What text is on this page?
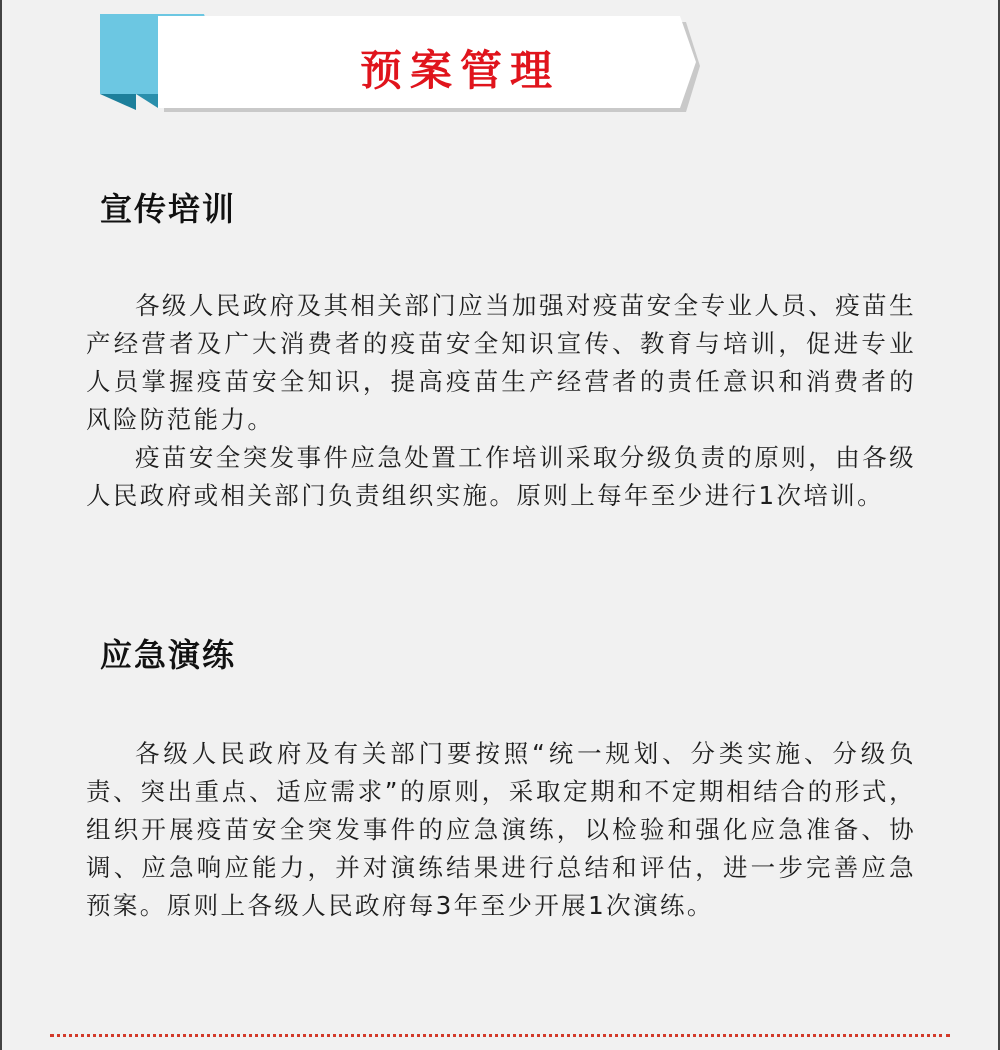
预案管理
宣传培训

各级人民政府及其相关部门应当加强对疫苗安全专业人员、疫苗生产经营者及广大消费者的疫苗安全知识宣传、教育与培训，促进专业人员掌握疫苗安全知识，提高疫苗生产经营者的责任意识和消费者的风险防范能力。

疫苗安全突发事件应急处置工作培训采取分级负责的原则，由各级人民政府或相关部门负责组织实施。原则上每年至少进行1次培训。

应急演练

各级人民政府及有关部门要按照“统一规划、分类实施、分级负责、突出重点、适应需求”的原则，采取定期和不定期相结合的形式，组织开展疫苗安全突发事件的应急演练，以检验和强化应急准备、协调、应急响应能力，并对演练结果进行总结和评估，进一步完善应急预案。原则上各级人民政府每3年至少开展1次演练。
